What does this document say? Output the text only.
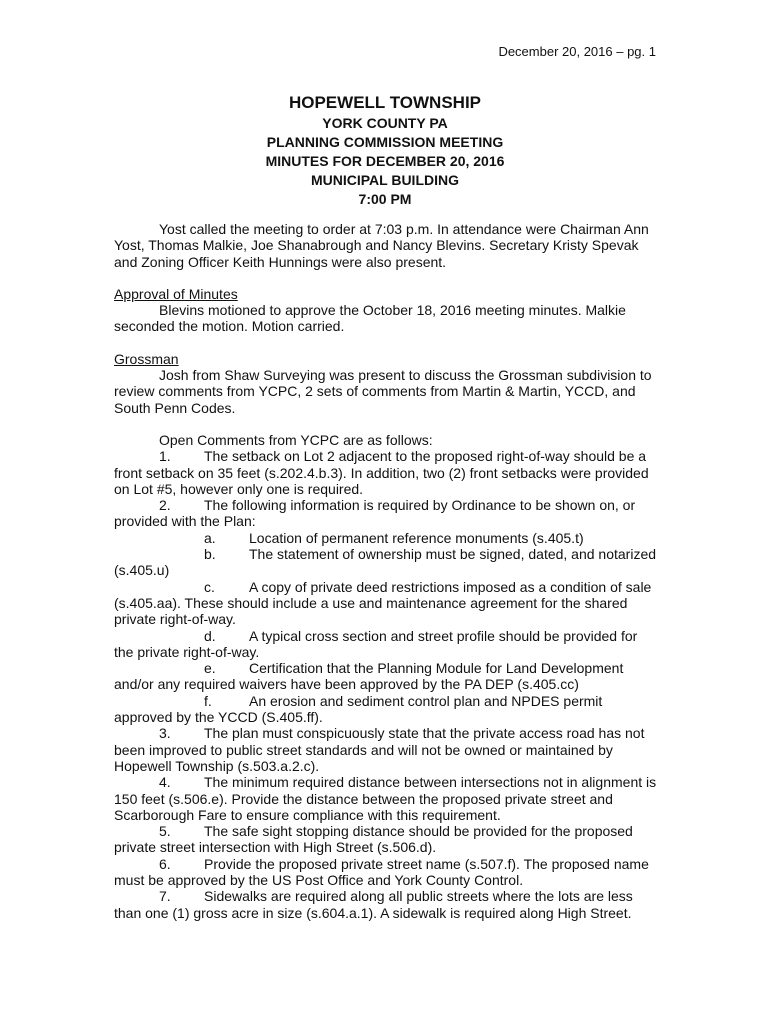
December 20, 2016 – pg. 1
HOPEWELL TOWNSHIP
YORK COUNTY PA
PLANNING COMMISSION MEETING
MINUTES FOR DECEMBER 20, 2016
MUNICIPAL BUILDING
7:00 PM
Yost called the meeting to order at 7:03 p.m. In attendance were Chairman Ann
Yost, Thomas Malkie, Joe Shanabrough and Nancy Blevins. Secretary Kristy Spevak
and Zoning Officer Keith Hunnings were also present.
Approval of Minutes
Blevins motioned to approve the October 18, 2016 meeting minutes. Malkie
seconded the motion. Motion carried.
Grossman
Josh from Shaw Surveying was present to discuss the Grossman subdivision to
review comments from YCPC, 2 sets of comments from Martin & Martin, YCCD, and
South Penn Codes.
Open Comments from YCPC are as follows:
1. The setback on Lot 2 adjacent to the proposed right-of-way should be a
front setback on 35 feet (s.202.4.b.3). In addition, two (2) front setbacks were provided
on Lot #5, however only one is required.
2. The following information is required by Ordinance to be shown on, or
provided with the Plan:
a. Location of permanent reference monuments (s.405.t)
b. The statement of ownership must be signed, dated, and notarized
(s.405.u)
c. A copy of private deed restrictions imposed as a condition of sale
(s.405.aa). These should include a use and maintenance agreement for the shared
private right-of-way.
d. A typical cross section and street profile should be provided for
the private right-of-way.
e. Certification that the Planning Module for Land Development
and/or any required waivers have been approved by the PA DEP (s.405.cc)
f.	An erosion and sediment control plan and NPDES permit
approved by the YCCD (S.405.ff).
3. The plan must conspicuously state that the private access road has not
been improved to public street standards and will not be owned or maintained by
Hopewell Township (s.503.a.2.c).
4. The minimum required distance between intersections not in alignment is
150 feet (s.506.e). Provide the distance between the proposed private street and
Scarborough Fare to ensure compliance with this requirement.
5. The safe sight stopping distance should be provided for the proposed
private street intersection with High Street (s.506.d).
6. Provide the proposed private street name (s.507.f). The proposed name
must be approved by the US Post Office and York County Control.
7. Sidewalks are required along all public streets where the lots are less
than one (1) gross acre in size (s.604.a.1). A sidewalk is required along High Street.
